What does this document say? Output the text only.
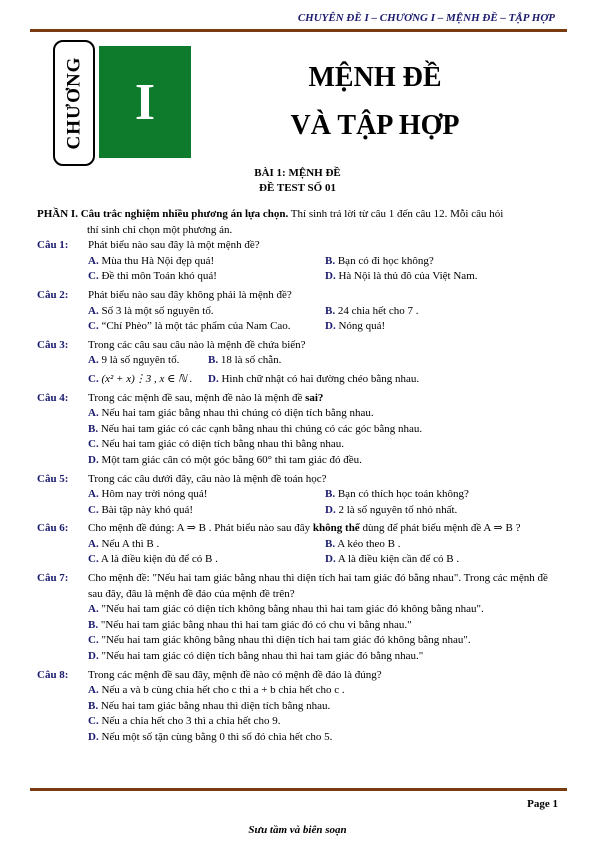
CHUYÊN ĐỀ I – CHƯƠNG I – MỆNH ĐỀ – TẬP HỢP
CHƯƠNG I	MỆNH ĐỀ
VÀ TẬP HỢP
BÀI 1: MỆNH ĐỀ
ĐỀ TEST SỐ 01
PHẦN I. Câu trắc nghiệm nhiều phương án lựa chọn. Thí sinh trả lời từ câu 1 đến câu 12. Mỗi câu hỏi
thí sinh chỉ chọn một phương án.
Câu 1:	Phát biểu nào sau đây là một mệnh đề?
A. Mùa thu Hà Nội đẹp quá!	B. Bạn có đi học không?
C. Đề thi môn Toán khó quá!	D. Hà Nội là thủ đô của Việt Nam.
Câu 2:	Phát biểu nào sau đây không phải là mệnh đề?
A. Số 3 là một số nguyên tố.	B. 24 chia hết cho 7 .
C. “Chí Phèo” là một tác phẩm của Nam Cao.	D. Nóng quá!
Câu 3:	Trong các câu sau câu nào là mệnh đề chứa biến?
A. 9 là số nguyên tố.	B. 18 là số chẵn.
C. (x² + x)⋮3 , x ∈ ℕ .	D. Hình chữ nhật có hai đường chéo bằng nhau.
Câu 4:	Trong các mệnh đề sau, mệnh đề nào là mệnh đề sai?
A. Nếu hai tam giác bằng nhau thì chúng có diện tích bằng nhau.
B. Nếu hai tam giác có các cạnh bằng nhau thì chúng có các góc bằng nhau.
C. Nếu hai tam giác có diện tích bằng nhau thì bằng nhau.
D. Một tam giác cân có một góc bằng 60° thì tam giác đó đều.
Câu 5:	Trong các câu dưới đây, câu nào là mệnh đề toán học?
A. Hôm nay trời nóng quá!	B. Bạn có thích học toán không?
C. Bài tập này khó quá!	D. 2 là số nguyên tố nhỏ nhất.
Câu 6:	Cho mệnh đề đúng: A ⇒ B . Phát biểu nào sau đây không thể dùng để phát biểu mệnh đề A ⇒ B ?
A. Nếu A thì B .	B. A kéo theo B .
C. A là điều kiện đủ để có B .	D. A là điều kiện cần để có B .
Câu 7:	Cho mệnh đề: "Nếu hai tam giác bằng nhau thì diện tích hai tam giác đó bằng nhau". Trong các mệnh đề sau đây, đâu là mệnh đề đảo của mệnh đề trên?
A. "Nếu hai tam giác có diện tích không bằng nhau thì hai tam giác đó không bằng nhau".
B. "Nếu hai tam giác bằng nhau thì hai tam giác đó có chu vi bằng nhau."
C. "Nếu hai tam giác không bằng nhau thì diện tích hai tam giác đó không bằng nhau".
D. "Nếu hai tam giác có diện tích bằng nhau thì hai tam giác đó bằng nhau."
Câu 8:	Trong các mệnh đề sau đây, mệnh đề nào có mệnh đề đảo là đúng?
A. Nếu a và b cùng chia hết cho c thì a + b chia hết cho c .
B. Nếu hai tam giác bằng nhau thì diện tích bằng nhau.
C. Nếu a chia hết cho 3 thì a chia hết cho 9.
D. Nếu một số tận cùng bằng 0 thì số đó chia hết cho 5.
Page 1
Sưu tầm và biên soạn
